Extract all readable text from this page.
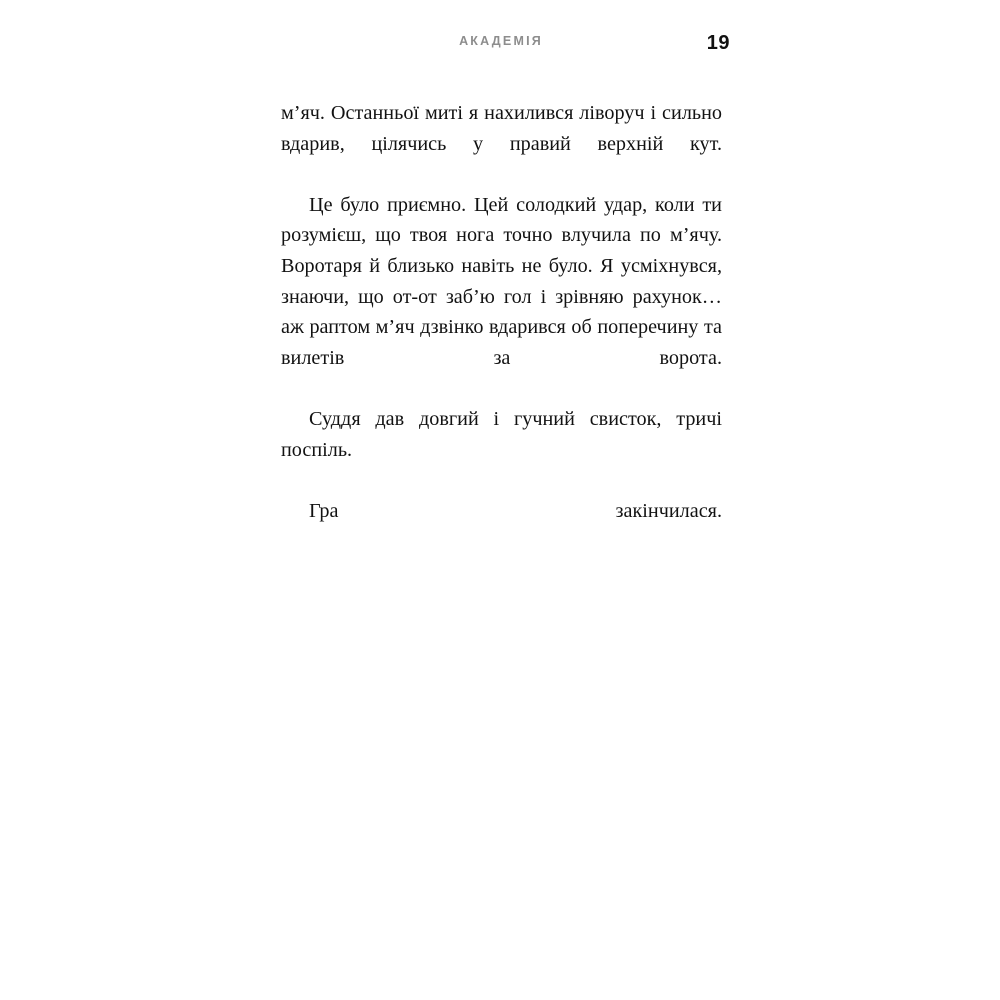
АКАДЕМІЯ	19

м’яч. Останньої миті я нахилився ліворуч і сильно вдарив, цілячись у правий верхній кут.

Це було приємно. Цей солодкий удар, коли ти розумієш, що твоя нога точно влучила по м’ячу. Воротаря й близько навіть не було. Я усміхнувся, знаючи, що от-от заб’ю гол і зрівняю рахунок… аж раптом м’яч дзвінко вдарився об поперечину та вилетів за ворота.

Суддя дав довгий і гучний свисток, тричі поспіль.

Гра закінчилася.
